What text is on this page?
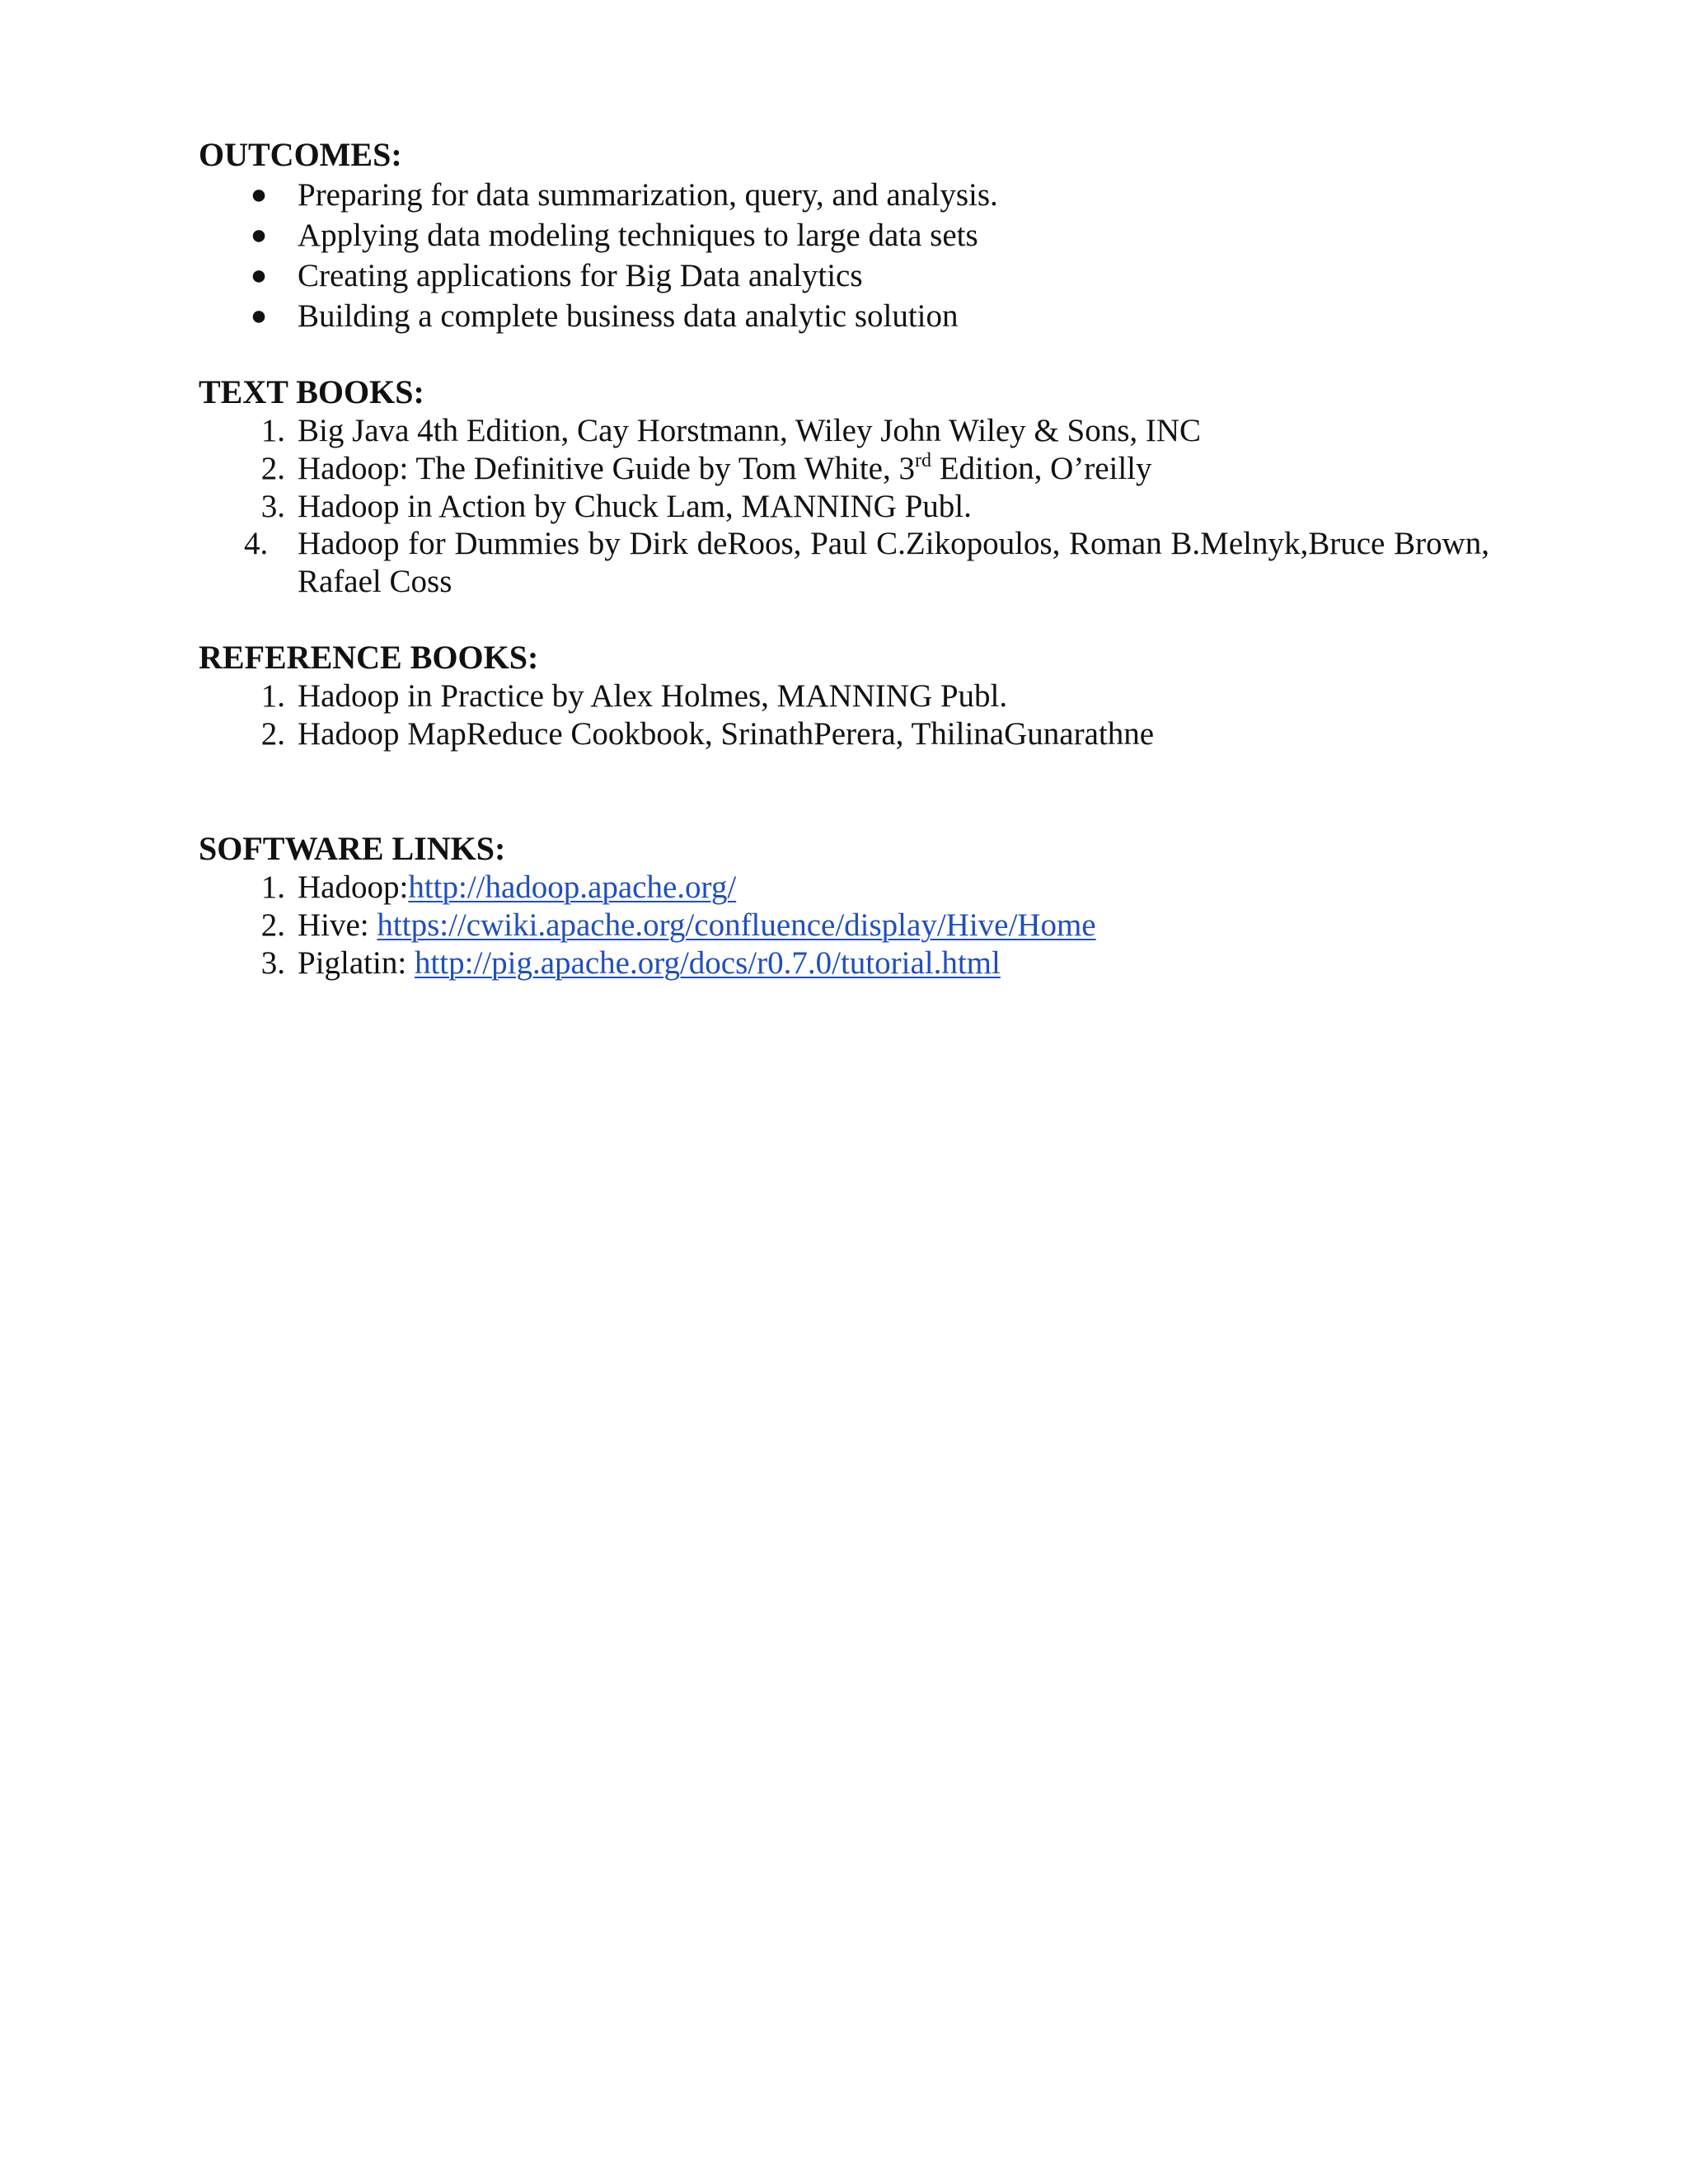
OUTCOMES:
● Preparing for data summarization, query, and analysis.
● Applying data modeling techniques to large data sets
● Creating applications for Big Data analytics
● Building a complete business data analytic solution
TEXT BOOKS:
1. Big Java 4th Edition, Cay Horstmann, Wiley John Wiley & Sons, INC
2. Hadoop: The Definitive Guide by Tom White, 3rd Edition, O’reilly
3. Hadoop in Action by Chuck Lam, MANNING Publ.
4. Hadoop for Dummies by Dirk deRoos, Paul C.Zikopoulos, Roman B.Melnyk,Bruce Brown, Rafael Coss
REFERENCE BOOKS:
1. Hadoop in Practice by Alex Holmes, MANNING Publ.
2. Hadoop MapReduce Cookbook, SrinathPerera, ThilinaGunarathne
SOFTWARE LINKS:
1. Hadoop:http://hadoop.apache.org/
2. Hive: https://cwiki.apache.org/confluence/display/Hive/Home
3. Piglatin: http://pig.apache.org/docs/r0.7.0/tutorial.html
